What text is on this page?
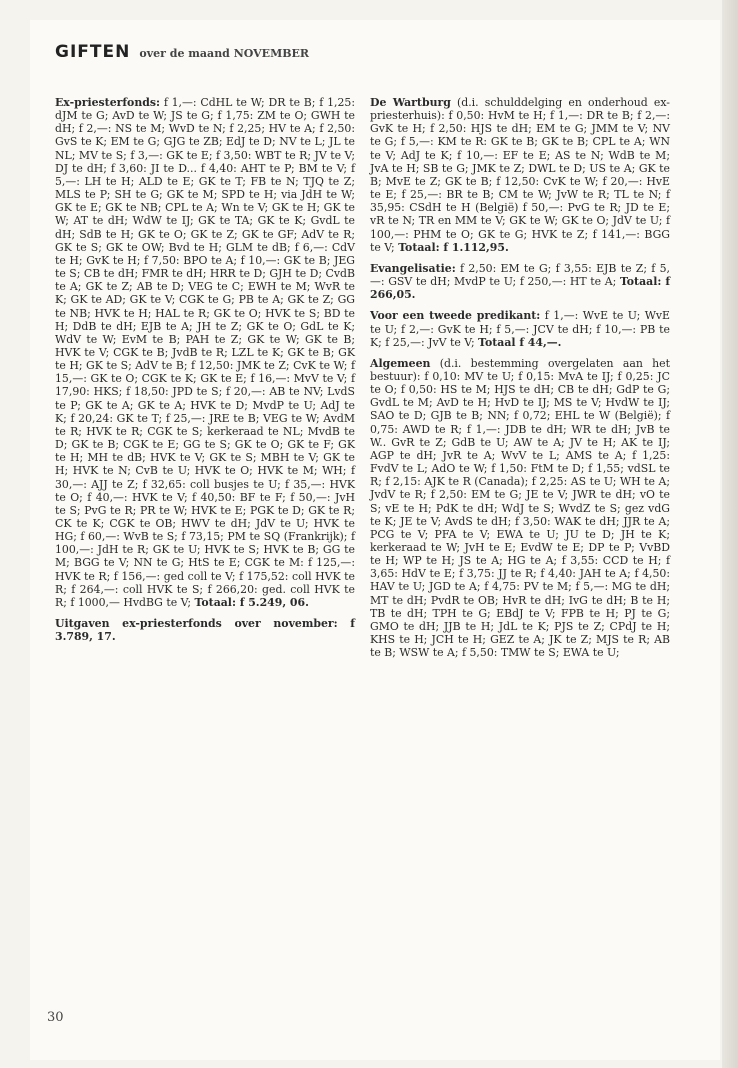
GIFTEN over de maand NOVEMBER

Ex-priesterfonds: f 1,—: CdHL te W; DR te B; f 1,25: dJM te G; AvD te W; JS te G; f 1,75: ZM te O; GWH te dH; f 2,—: NS te M; WvD te N; f 2,25; HV te A; f 2,50: GvS te K; EM te G; GJG te ZB; EdJ te D; NV te L; JL te NL; MV te S; f 3,—: GK te E; f 3,50: WBT te R; JV te V; DJ te dH; f 3,60: JI te D... f 4,40: AHT te P; BM te V; f 5,—: LH te H; ALD te E; GK te T; FB te N; TJQ te Z; MLS te P; SH te G; GK te M; SPD te H; via JdH te W; GK te E; GK te NB; CPL te A; Wn te V; GK te H; GK te W; AT te dH; WdW te IJ; GK te TA; GK te K; GvdL te dH; SdB te H; GK te O; GK te Z; GK te GF; AdV te R; GK te S; GK te OW; Bvd te H; GLM te dB; f 6,—: CdV te H; GvK te H; f 7,50: BPO te A; f 10,—: GK te B; JEG te S; CB te dH; FMR te dH; HRR te D; GJH te D; CvdB te A; GK te Z; AB te D; VEG te C; EWH te M; WvR te K; GK te AD; GK te V; CGK te G; PB te A; GK te Z; GG te NB; HVK te H; HAL te R; GK te O; HVK te S; BD te H; DdB te dH; EJB te A; JH te Z; GK te O; GdL te K; WdV te W; EvM te B; PAH te Z; GK te W; GK te B; HVK te V; CGK te B; JvdB te R; LZL te K; GK te B; GK te H; GK te S; AdV te B; f 12,50: JMK te Z; CvK te W; f 15,—: GK te O; CGK te K; GK te E; f 16,—: MvV te V; f 17,90: HKS; f 18,50: JPD te S; f 20,—: AB te NV; LvdS te P; GK te A; GK te A; HVK te D; MvdP te U; AdJ te K; f 20,24: GK te T; f 25,—: JRE te B; VEG te W; AvdM te R; HVK te R; CGK te S; kerkeraad te NL; MvdB te D; GK te B; CGK te E; GG te S; GK te O; GK te F; GK te H; MH te dB; HVK te V; GK te S; MBH te V; GK te H; HVK te N; CvB te U; HVK te O; HVK te M; WH; f 30,—: AJJ te Z; f 32,65: coll busjes te U; f 35,—: HVK te O; f 40,—: HVK te V; f 40,50: BF te F; f 50,—: JvH te S; PvG te R; PR te W; HVK te E; PGK te D; GK te R; CK te K; CGK te OB; HWV te dH; JdV te U; HVK te HG; f 60,—: WvB te S; f 73,15; PM te SQ (Frankrijk); f 100,—: JdH te R; GK te U; HVK te S; HVK te B; GG te M; BGG te V; NN te G; HtS te E; CGK te M: f 125,—: HVK te R; f 156,—: ged coll te V; f 175,52: coll HVK te R; f 264,—: coll HVK te S; f 266,20: ged. coll HVK te R; f 1000,— HvdBG te V; Totaal: f 5.249, 06.

Uitgaven ex-priesterfonds over november: f 3.789, 17.

De Wartburg (d.i. schulddelging en onderhoud ex-priesterhuis): f 0,50: HvM te H; f 1,—: DR te B; f 2,—: GvK te H; f 2,50: HJS te dH; EM te G; JMM te V; NV te G; f 5,—: KM te R: GK te B; GK te B; CPL te A; WN te V; AdJ te K; f 10,—: EF te E; AS te N; WdB te M; JvA te H; SB te G; JMK te Z; DWL te D; US te A; GK te B; MvE te Z; GK te B; f 12,50: CvK te W; f 20,—: HvE te E; f 25,—: BR te B; CM te W; JvW te R; TL te N; f 35,95: CSdH te H (België) f 50,—: PvG te R; JD te E; vR te N; TR en MM te V; GK te W; GK te O; JdV te U; f 100,—: PHM te O; GK te G; HVK te Z; f 141,—: BGG te V; Totaal: f 1.112,95.

Evangelisatie: f 2,50: EM te G; f 3,55: EJB te Z; f 5,—: GSV te dH; MvdP te U; f 250,—: HT te A; Totaal: f 266,05.

Voor een tweede predikant: f 1,—: WvE te U; WvE te U; f 2,—: GvK te H; f 5,—: JCV te dH; f 10,—: PB te K; f 25,—: JvV te V; Totaal f 44,—.

Algemeen (d.i. bestemming overgelaten aan het bestuur): f 0,10: MV te U; f 0,15: MvA te IJ; f 0,25: JC te O; f 0,50: HS te M; HJS te dH; CB te dH; GdP te G; GvdL te M; AvD te H; HvD te IJ; MS te V; HvdW te IJ; SAO te D; GJB te B; NN; f 0,72; EHL te W (België); f 0,75: AWD te R; f 1,—: JDB te dH; WR te dH; JvB te W.. GvR te Z; GdB te U; AW te A; JV te H; AK te IJ; AGP te dH; JvR te A; WvV te L; AMS te A; f 1,25: FvdV te L; AdO te W; f 1,50: FtM te D; f 1,55; vdSL te R; f 2,15: AJK te R (Canada); f 2,25: AS te U; WH te A; JvdV te R; f 2,50: EM te G; JE te V; JWR te dH; vO te S; vE te H; PdK te dH; WdJ te S; WvdZ te S; gez vdG te K; JE te V; AvdS te dH; f 3,50: WAK te dH; JJR te A; PCG te V; PFA te V; EWA te U; JU te D; JH te K; kerkeraad te W; JvH te E; EvdW te E; DP te P; VvBD te H; WP te H; JS te A; HG te A; f 3,55: CCD te H; f 3,65: HdV te E; f 3,75: JJ te R; f 4,40: JAH te A; f 4,50: HAV te U; JGD te A; f 4,75: PV te M; f 5,—: MG te dH; MT te dH; PvdR te OB; HvR te dH; IvG te dH; B te H; TB te dH; TPH te G; EBdJ te V; FPB te H; PJ te G; GMO te dH; JJB te H; JdL te K; PJS te Z; CPdJ te H; KHS te H; JCH te H; GEZ te A; JK te Z; MJS te R; AB te B; WSW te A; f 5,50: TMW te S; EWA te U;

30
